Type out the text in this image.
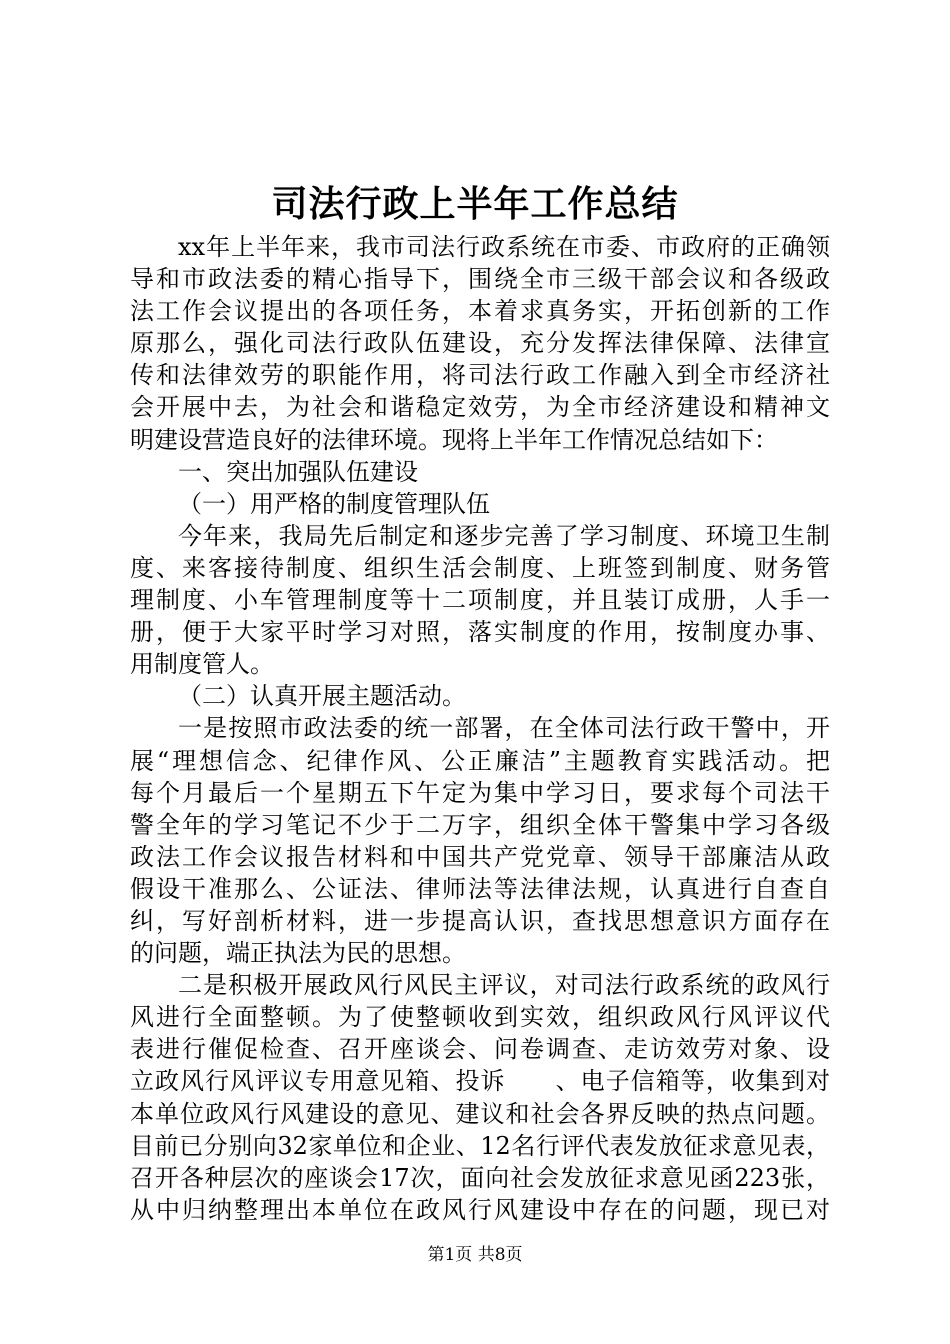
司法行政上半年工作总结
xx年上半年来，我市司法行政系统在市委、市政府的正确领
导和市政法委的精心指导下，围绕全市三级干部会议和各级政
法工作会议提出的各项任务，本着求真务实，开拓创新的工作
原那么，强化司法行政队伍建设，充分发挥法律保障、法律宣
传和法律效劳的职能作用，将司法行政工作融入到全市经济社
会开展中去，为社会和谐稳定效劳，为全市经济建设和精神文
明建设营造良好的法律环境。现将上半年工作情况总结如下：
一、突出加强队伍建设
（一）用严格的制度管理队伍
今年来，我局先后制定和逐步完善了学习制度、环境卫生制
度、来客接待制度、组织生活会制度、上班签到制度、财务管
理制度、小车管理制度等十二项制度，并且装订成册，人手一
册，便于大家平时学习对照，落实制度的作用，按制度办事、
用制度管人。
（二）认真开展主题活动。
一是按照市政法委的统一部署，在全体司法行政干警中，开
展“理想信念、纪律作风、公正廉洁”主题教育实践活动。把
每个月最后一个星期五下午定为集中学习日，要求每个司法干
警全年的学习笔记不少于二万字，组织全体干警集中学习各级
政法工作会议报告材料和中国共产党党章、领导干部廉洁从政
假设干准那么、公证法、律师法等法律法规，认真进行自查自
纠，写好剖析材料，进一步提高认识，查找思想意识方面存在
的问题，端正执法为民的思想。
二是积极开展政风行风民主评议，对司法行政系统的政风行
风进行全面整顿。为了使整顿收到实效，组织政风行风评议代
表进行催促检查、召开座谈会、问卷调查、走访效劳对象、设
立政风行风评议专用意见箱、投诉　　、电子信箱等，收集到对
本单位政风行风建设的意见、建议和社会各界反映的热点问题。
目前已分别向32家单位和企业、12名行评代表发放征求意见表，
召开各种层次的座谈会17次，面向社会发放征求意见函223张，
从中归纳整理出本单位在政风行风建设中存在的问题，现已对
第1页 共8页
